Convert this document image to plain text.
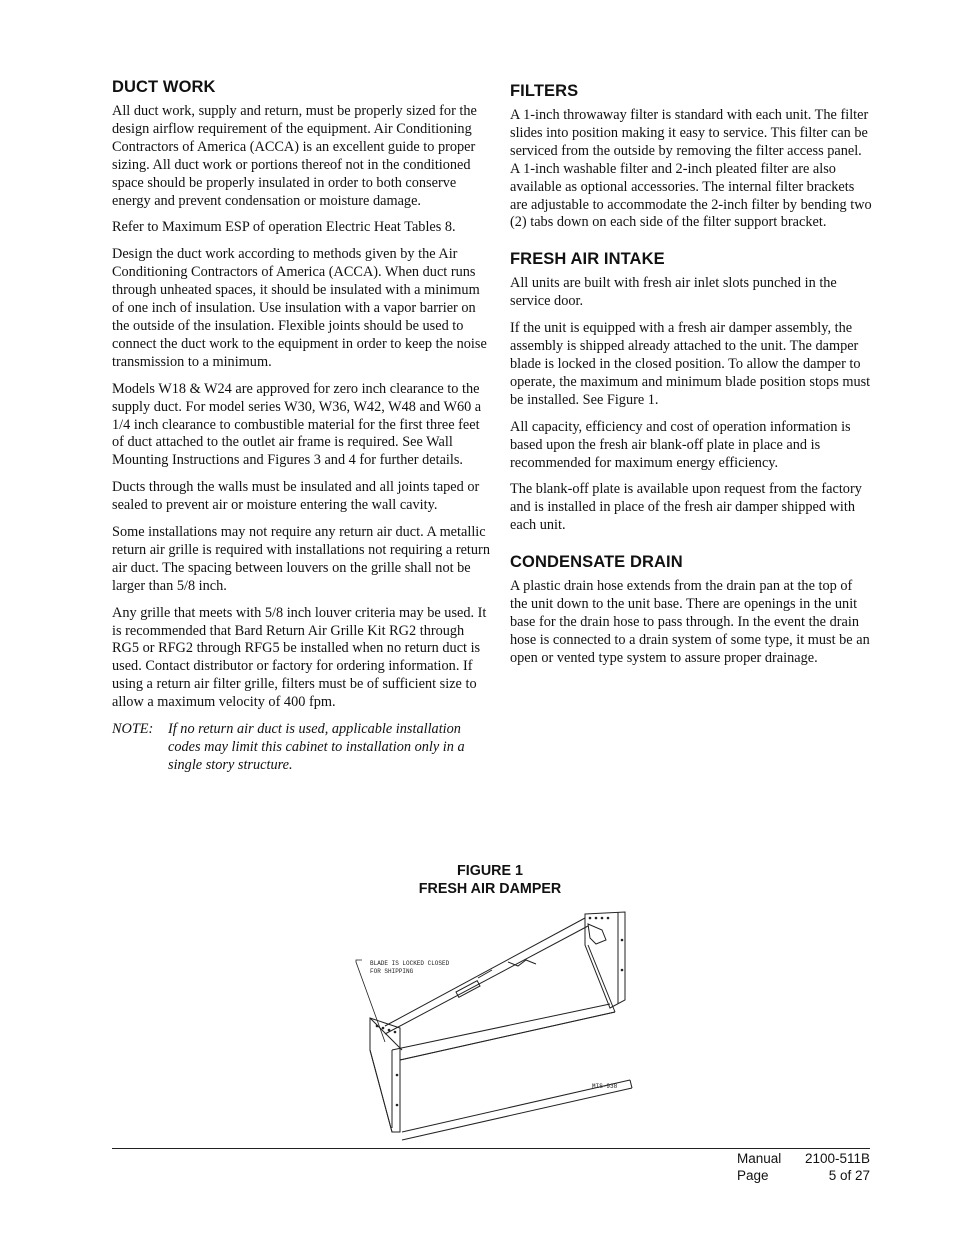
DUCT WORK

All duct work, supply and return, must be properly sized for the design airflow requirement of the equipment. Air Conditioning Contractors of America (ACCA) is an excellent guide to proper sizing. All duct work or portions thereof not in the conditioned space should be properly insulated in order to both conserve energy and prevent condensation or moisture damage.

Refer to Maximum ESP of operation Electric Heat Tables 8.

Design the duct work according to methods given by the Air Conditioning Contractors of America (ACCA). When duct runs through unheated spaces, it should be insulated with a minimum of one inch of insulation. Use insulation with a vapor barrier on the outside of the insulation. Flexible joints should be used to connect the duct work to the equipment in order to keep the noise transmission to a minimum.

Models W18 & W24 are approved for zero inch clearance to the supply duct. For model series W30, W36, W42, W48 and W60 a 1/4 inch clearance to combustible material for the first three feet of duct attached to the outlet air frame is required. See Wall Mounting Instructions and Figures 3 and 4 for further details.

Ducts through the walls must be insulated and all joints taped or sealed to prevent air or moisture entering the wall cavity.

Some installations may not require any return air duct. A metallic return air grille is required with installations not requiring a return air duct. The spacing between louvers on the grille shall not be larger than 5/8 inch.

Any grille that meets with 5/8 inch louver criteria may be used. It is recommended that Bard Return Air Grille Kit RG2 through RG5 or RFG2 through RFG5 be installed when no return duct is used. Contact distributor or factory for ordering information. If using a return air filter grille, filters must be of sufficient size to allow a maximum velocity of 400 fpm.

NOTE:	If no return air duct is used, applicable installation codes may limit this cabinet to installation only in a single story structure.
FILTERS

A 1-inch throwaway filter is standard with each unit. The filter slides into position making it easy to service. This filter can be serviced from the outside by removing the filter access panel. A 1-inch washable filter and 2-inch pleated filter are also available as optional accessories. The internal filter brackets are adjustable to accommodate the 2-inch filter by bending two (2) tabs down on each side of the filter support bracket.

FRESH AIR INTAKE

All units are built with fresh air inlet slots punched in the service door.

If the unit is equipped with a fresh air damper assembly, the assembly is shipped already attached to the unit. The damper blade is locked in the closed position. To allow the damper to operate, the maximum and minimum blade position stops must be installed. See Figure 1.

All capacity, efficiency and cost of operation information is based upon the fresh air blank-off plate in place and is recommended for maximum energy efficiency.

The blank-off plate is available upon request from the factory and is installed in place of the fresh air damper shipped with each unit.

CONDENSATE DRAIN

A plastic drain hose extends from the drain pan at the top of the unit down to the unit base. There are openings in the unit base for the drain hose to pass through. In the event the drain hose is connected to a drain system of some type, it must be an open or vented type system to assure proper drainage.

FIGURE 1
FRESH AIR DAMPER
BLADE IS LOCKED CLOSED
FOR SHIPPING
MIS-938
Manual 2100-511B
Page	5 of 27
